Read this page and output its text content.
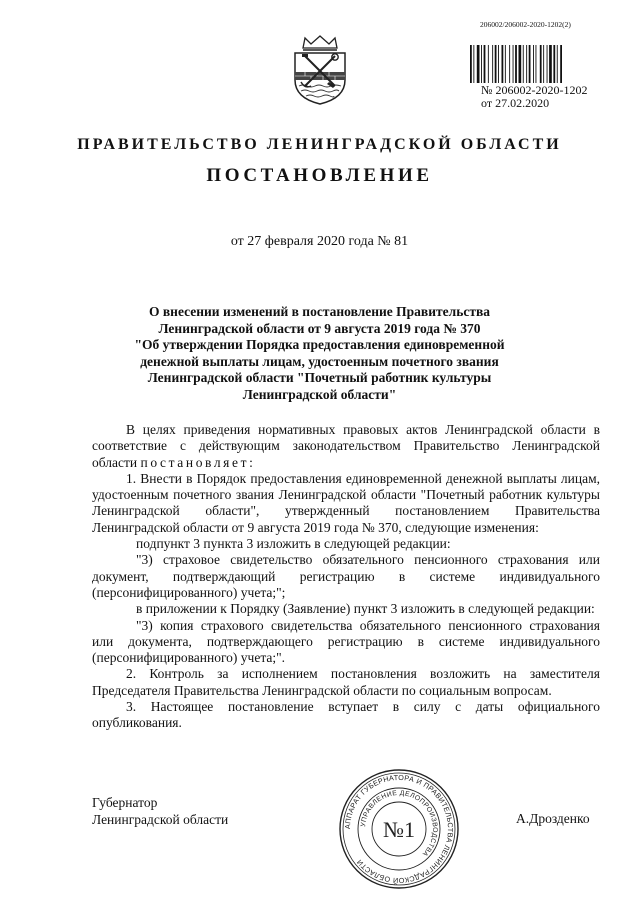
206002/206002-2020-1202(2)
№ 206002-2020-1202
от 27.02.2020
ПРАВИТЕЛЬСТВО ЛЕНИНГРАДСКОЙ ОБЛАСТИ
ПОСТАНОВЛЕНИЕ
от 27 февраля 2020 года № 81
О внесении изменений в постановление Правительства
Ленинградской области от 9 августа 2019 года № 370
"Об утверждении Порядка предоставления единовременной
денежной выплаты лицам, удостоенным почетного звания
Ленинградской области "Почетный работник культуры
Ленинградской области"

В целях приведения нормативных правовых актов Ленинградской области в соответствие с действующим законодательством Правительство Ленинградской области постановляет:

1. Внести в Порядок предоставления единовременной денежной выплаты лицам, удостоенным почетного звания Ленинградской области "Почетный работник культуры Ленинградской области", утвержденный постановлением Правительства Ленинградской области от 9 августа 2019 года № 370, следующие изменения:

подпункт 3 пункта 3 изложить в следующей редакции:

"3) страховое свидетельство обязательного пенсионного страхования или документ, подтверждающий регистрацию в системе индивидуального (персонифицированного) учета;";

в приложении к Порядку (Заявление) пункт 3 изложить в следующей редакции:

"3) копия страхового свидетельства обязательного пенсионного страхования или документа, подтверждающего регистрацию в системе индивидуального (персонифицированного) учета;".

2. Контроль за исполнением постановления возложить на заместителя Председателя Правительства Ленинградской области по социальным вопросам.

3. Настоящее постановление вступает в силу с даты официального опубликования.

Губернатор
Ленинградской области	АППАРАТ ГУБЕРНАТОРА И ПРАВИТЕЛЬСТВА ЛЕНИНГРАДСКОЙ ОБЛАСТИ
УПРАВЛЕНИЕ ДЕЛОПРОИЗВОДСТВА
№1	А.Дрозденко
